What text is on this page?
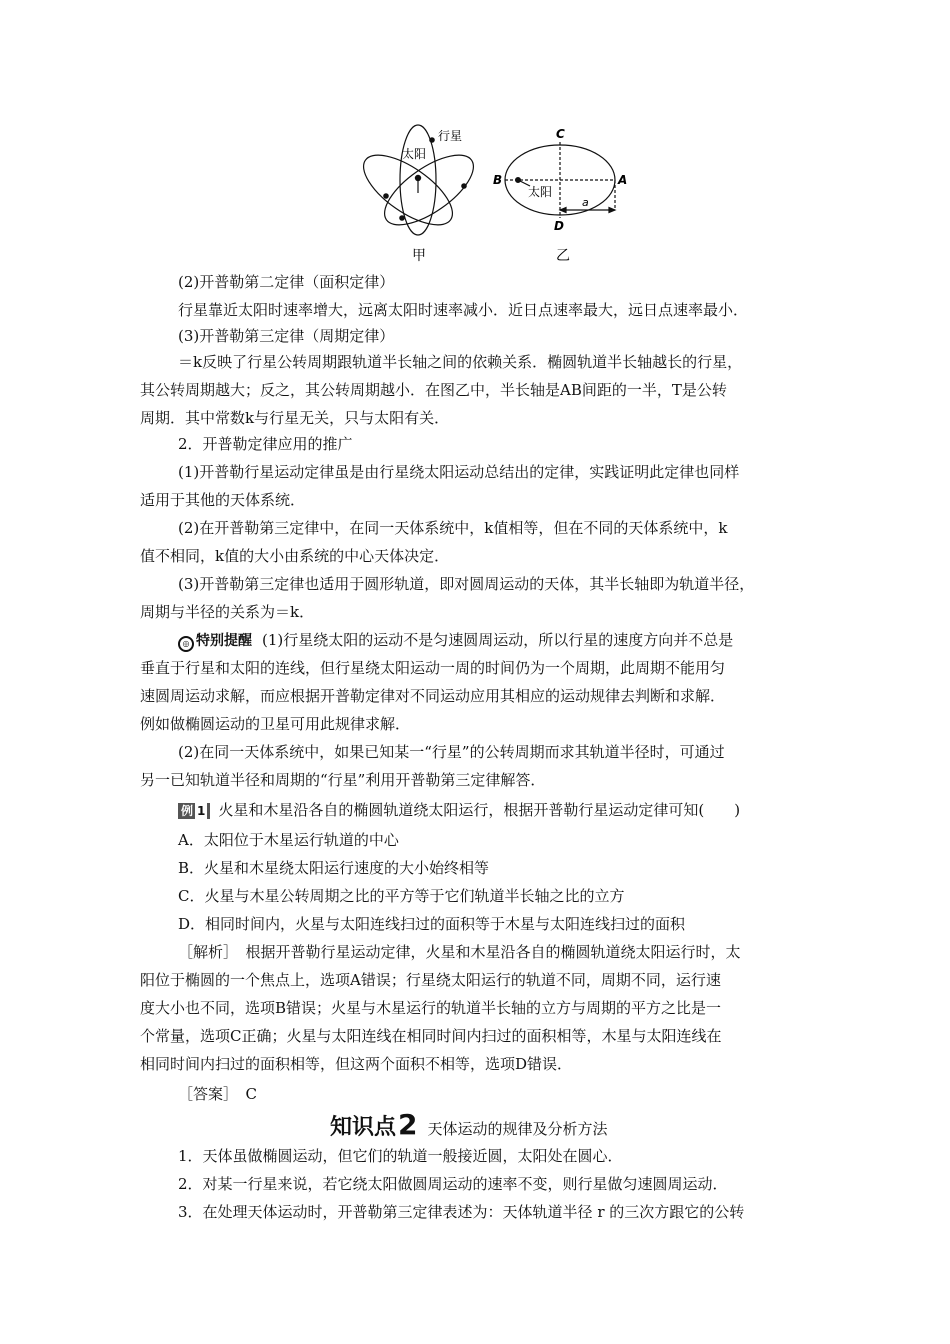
行星
太阳
甲
C
B	A
D
太阳
a
乙
(2)开普勒第二定律（面积定律）
行星靠近太阳时速率增大，远离太阳时速率减小．近日点速率最大，远日点速率最小．
(3)开普勒第三定律（周期定律）
＝k反映了行星公转周期跟轨道半长轴之间的依赖关系．椭圆轨道半长轴越长的行星，
其公转周期越大；反之，其公转周期越小．在图乙中，半长轴是AB间距的一半，T是公转
周期．其中常数k与行星无关，只与太阳有关．
2．开普勒定律应用的推广
(1)开普勒行星运动定律虽是由行星绕太阳运动总结出的定律，实践证明此定律也同样
适用于其他的天体系统．
(2)在开普勒第三定律中，在同一天体系统中，k值相等，但在不同的天体系统中，k
值不相同，k值的大小由系统的中心天体决定．
(3)开普勒第三定律也适用于圆形轨道，即对圆周运动的天体，其半长轴即为轨道半径，
周期与半径的关系为＝k．
◎ 特别提醒 (1)行星绕太阳的运动不是匀速圆周运动，所以行星的速度方向并不总是
垂直于行星和太阳的连线，但行星绕太阳运动一周的时间仍为一个周期，此周期不能用匀
速圆周运动求解，而应根据开普勒定律对不同运动应用其相应的运动规律去判断和求解．
例如做椭圆运动的卫星可用此规律求解．
(2)在同一天体系统中，如果已知某一“行星”的公转周期而求其轨道半径时，可通过
另一已知轨道半径和周期的“行星”利用开普勒第三定律解答．
例 1 火星和木星沿各自的椭圆轨道绕太阳运行，根据开普勒行星运动定律可知(　　)
A．太阳位于木星运行轨道的中心
B．火星和木星绕太阳运行速度的大小始终相等
C．火星与木星公转周期之比的平方等于它们轨道半长轴之比的立方
D．相同时间内，火星与太阳连线扫过的面积等于木星与太阳连线扫过的面积
［解析］　根据开普勒行星运动定律，火星和木星沿各自的椭圆轨道绕太阳运行时，太
阳位于椭圆的一个焦点上，选项A错误；行星绕太阳运行的轨道不同，周期不同，运行速
度大小也不同，选项B错误；火星与木星运行的轨道半长轴的立方与周期的平方之比是一
个常量，选项C正确；火星与太阳连线在相同时间内扫过的面积相等，木星与太阳连线在
相同时间内扫过的面积相等，但这两个面积不相等，选项D错误．
［答案］　C
知识点2 天体运动的规律及分析方法
1．天体虽做椭圆运动，但它们的轨道一般接近圆，太阳处在圆心．
2．对某一行星来说，若它绕太阳做圆周运动的速率不变，则行星做匀速圆周运动．
3．在处理天体运动时，开普勒第三定律表述为：天体轨道半径 r 的三次方跟它的公转
